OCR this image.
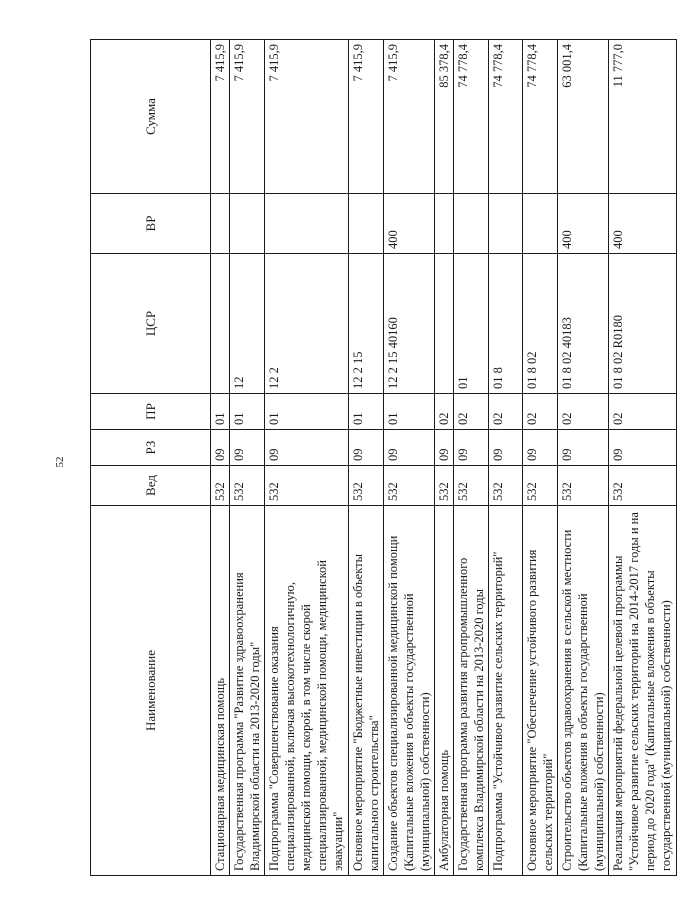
52
Наименование	Вед	РЗ	ПР	ЦСР	ВР	Сумма
Стационарная медицинская помощь	532	09	01			7 415,9
Государственная программа "Развитие здравоохранения Владимирской области на 2013-2020 годы"	532	09	01	12		7 415,9
Подпрограмма "Совершенствование оказания специализированной, включая высокотехнологичную, медицинской помощи, скорой, в том числе скорой специализированной, медицинской помощи, медицинской эвакуации"	532	09	01	12 2		7 415,9
Основное мероприятие "Бюджетные инвестиции в объекты капитального строительства"	532	09	01	12 2 15		7 415,9
Создание объектов специализированной медицинской помощи (Капитальные вложения в объекты государственной (муниципальной) собственности)	532	09	01	12 2 15 40160	400	7 415,9
Амбулаторная помощь	532	09	02			85 378,4
Государственная программа развития агропромышленного комплекса Владимирской области на 2013-2020 годы	532	09	02	01		74 778,4
Подпрограмма "Устойчивое развитие сельских территорий"	532	09	02	01 8		74 778,4
Основное мероприятие "Обеспечение устойчивого развития сельских территорий"	532	09	02	01 8 02		74 778,4
Строительство объектов здравоохранения в сельской местности (Капитальные вложения в объекты государственной (муниципальной) собственности)	532	09	02	01 8 02 40183	400	63 001,4
Реализация мероприятий федеральной целевой программы "Устойчивое развитие сельских территорий на 2014-2017 годы и на период до 2020 года" (Капитальные вложения в объекты государственной (муниципальной) собственности)	532	09	02	01 8 02 R0180	400	11 777,0
